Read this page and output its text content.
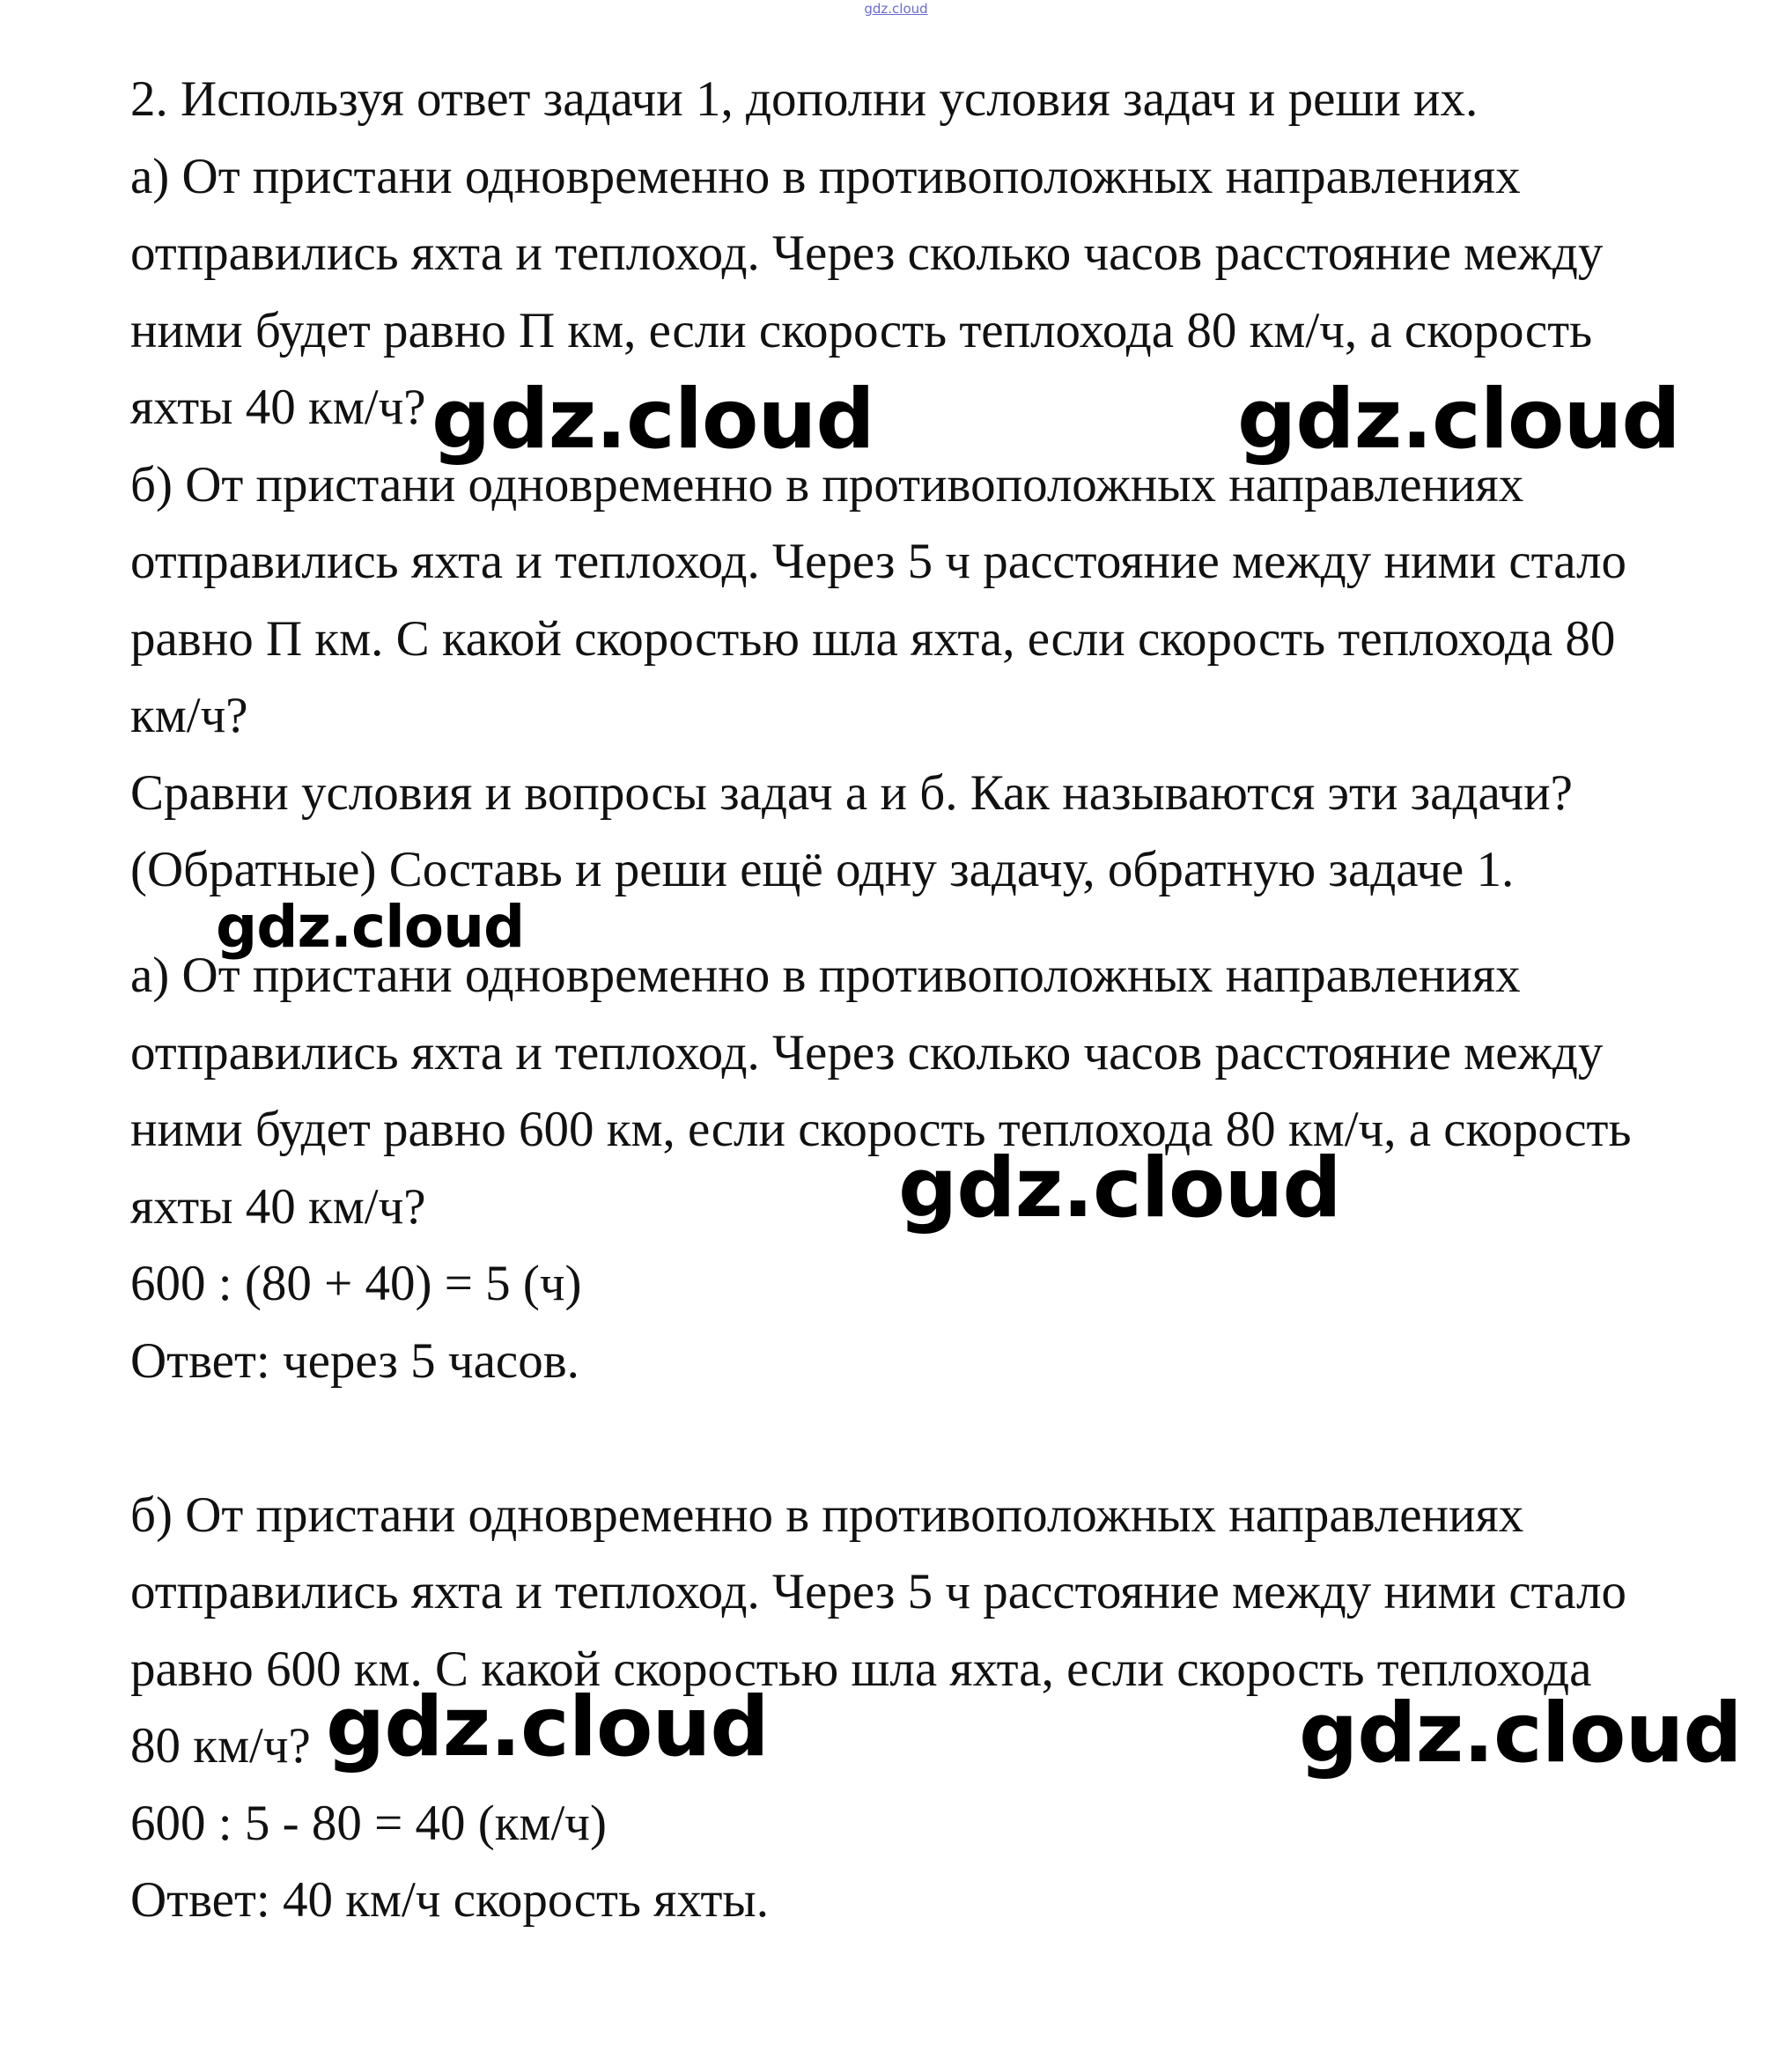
gdz.cloud
2. Используя ответ задачи 1, дополни условия задач и реши их.
а) От пристани одновременно в противоположных направлениях
отправились яхта и теплоход. Через сколько часов расстояние между
ними будет равно П км, если скорость теплохода 80 км/ч, а скорость
яхты 40 км/ч?
б) От пристани одновременно в противоположных направлениях
отправились яхта и теплоход. Через 5 ч расстояние между ними стало
равно П км. С какой скоростью шла яхта, если скорость теплохода 80
км/ч?
Сравни условия и вопросы задач а и б. Как называются эти задачи?
(Обратные) Составь и реши ещё одну задачу, обратную задаче 1.
а) От пристани одновременно в противоположных направлениях
отправились яхта и теплоход. Через сколько часов расстояние между
ними будет равно 600 км, если скорость теплохода 80 км/ч, а скорость
яхты 40 км/ч?
600 : (80 + 40) = 5 (ч)
Ответ: через 5 часов.
б) От пристани одновременно в противоположных направлениях
отправились яхта и теплоход. Через 5 ч расстояние между ними стало
равно 600 км. С какой скоростью шла яхта, если скорость теплохода
80 км/ч?
600 : 5 - 80 = 40 (км/ч)
Ответ: 40 км/ч скорость яхты.
gdz.cloud	gdz.cloud
gdz.cloud
gdz.cloud
gdz.cloud	gdz.cloud
